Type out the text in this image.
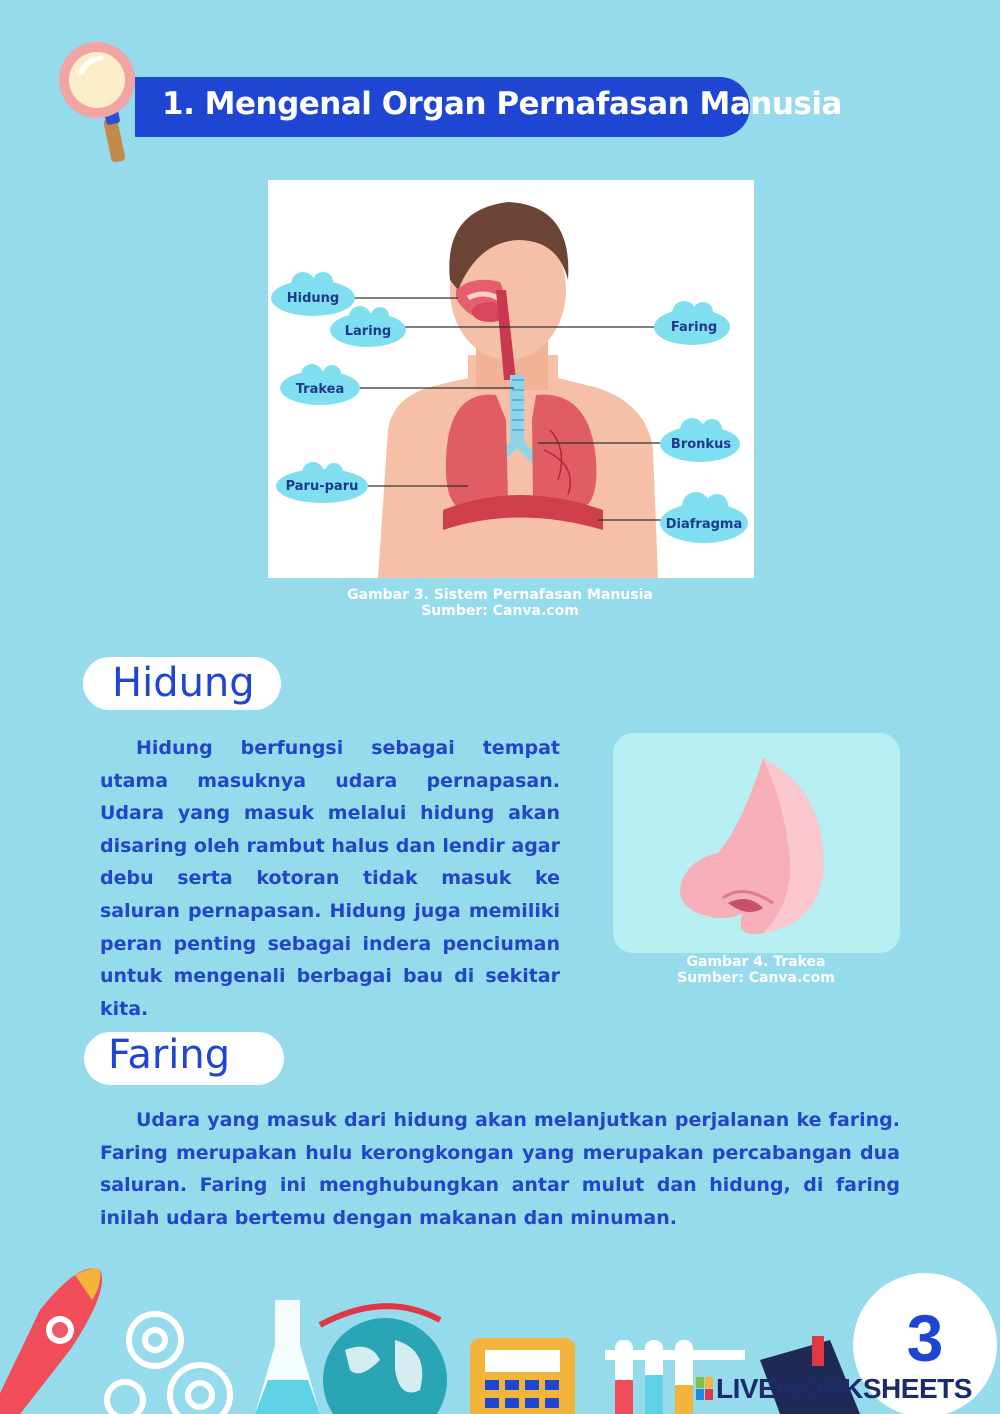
1. Mengenal Organ Pernafasan Manusia
Hidung
Laring
Trakea
Paru-paru
Faring
Bronkus
Diafragma
Gambar 3. Sistem Pernafasan Manusia
Sumber: Canva.com
Hidung

Hidung berfungsi sebagai tempat utama masuknya udara pernapasan. Udara yang masuk melalui hidung akan disaring oleh rambut halus dan lendir agar debu serta kotoran tidak masuk ke saluran pernapasan. Hidung juga memiliki peran penting sebagai indera penciuman untuk mengenali berbagai bau di sekitar kita.

Gambar 4. Trakea
Sumber: Canva.com
Faring

Udara yang masuk dari hidung akan melanjutkan perjalanan ke faring. Faring merupakan hulu kerongkongan yang merupakan percabangan dua saluran. Faring ini menghubungkan antar mulut dan hidung, di faring inilah udara bertemu dengan makanan dan minuman.

3
LIVEWORKSHEETS
